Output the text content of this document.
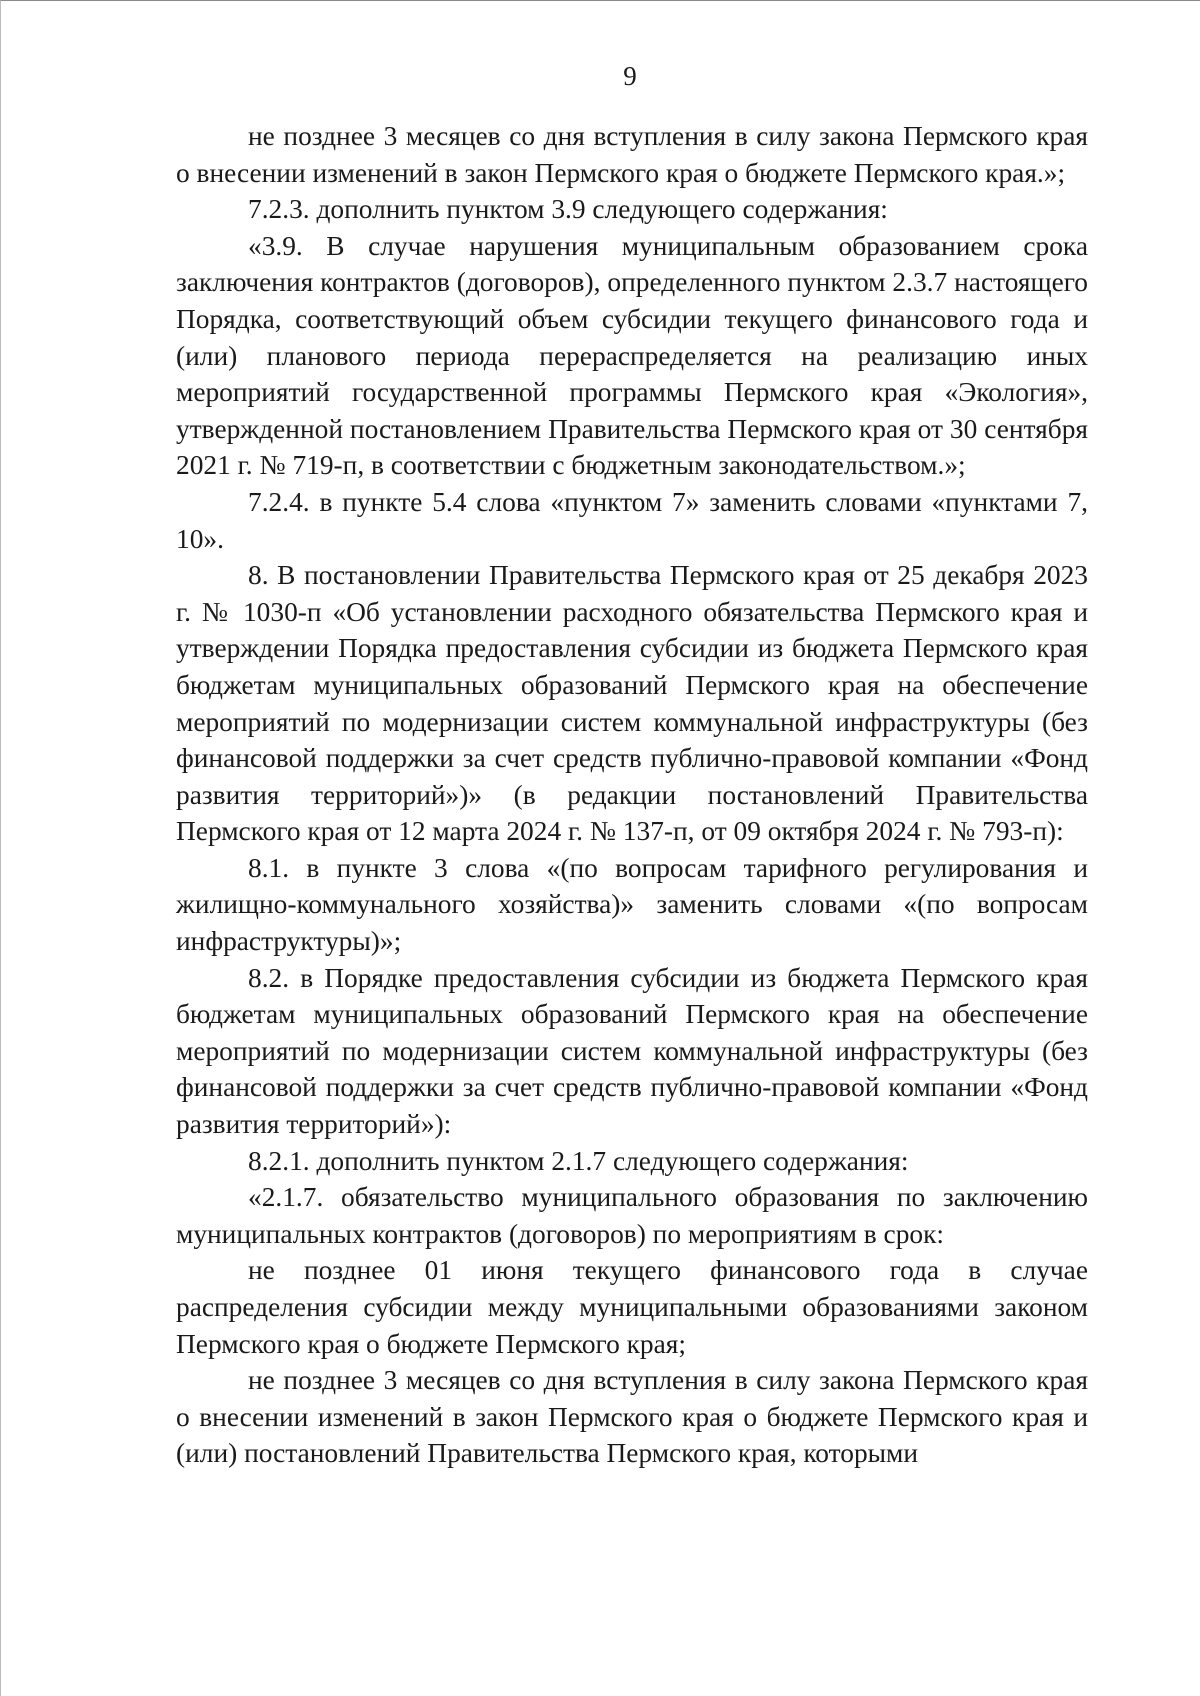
9

не позднее 3 месяцев со дня вступления в силу закона Пермского края о внесении изменений в закон Пермского края о бюджете Пермского края.»;

7.2.3. дополнить пунктом 3.9 следующего содержания:

«3.9. В случае нарушения муниципальным образованием срока заключения контрактов (договоров), определенного пунктом 2.3.7 настоящего Порядка, соответствующий объем субсидии текущего финансового года и (или) планового периода перераспределяется на реализацию иных мероприятий государственной программы Пермского края «Экология», утвержденной постановлением Правительства Пермского края от 30 сентября 2021 г. № 719-п, в соответствии с бюджетным законодательством.»;

7.2.4. в пункте 5.4 слова «пунктом 7» заменить словами «пунктами 7, 10».

8. В постановлении Правительства Пермского края от 25 декабря 2023 г. № 1030-п «Об установлении расходного обязательства Пермского края и утверждении Порядка предоставления субсидии из бюджета Пермского края бюджетам муниципальных образований Пермского края на обеспечение мероприятий по модернизации систем коммунальной инфраструктуры (без финансовой поддержки за счет средств публично-правовой компании «Фонд развития территорий»)» (в редакции постановлений Правительства Пермского края от 12 марта 2024 г. № 137-п, от 09 октября 2024 г. № 793-п):

8.1. в пункте 3 слова «(по вопросам тарифного регулирования и жилищно-коммунального хозяйства)» заменить словами «(по вопросам инфраструктуры)»;

8.2. в Порядке предоставления субсидии из бюджета Пермского края бюджетам муниципальных образований Пермского края на обеспечение мероприятий по модернизации систем коммунальной инфраструктуры (без финансовой поддержки за счет средств публично-правовой компании «Фонд развития территорий»):

8.2.1. дополнить пунктом 2.1.7 следующего содержания:

«2.1.7. обязательство муниципального образования по заключению муниципальных контрактов (договоров) по мероприятиям в срок:

не позднее 01 июня текущего финансового года в случае распределения субсидии между муниципальными образованиями законом Пермского края о бюджете Пермского края;

не позднее 3 месяцев со дня вступления в силу закона Пермского края о внесении изменений в закон Пермского края о бюджете Пермского края и (или) постановлений Правительства Пермского края, которыми
